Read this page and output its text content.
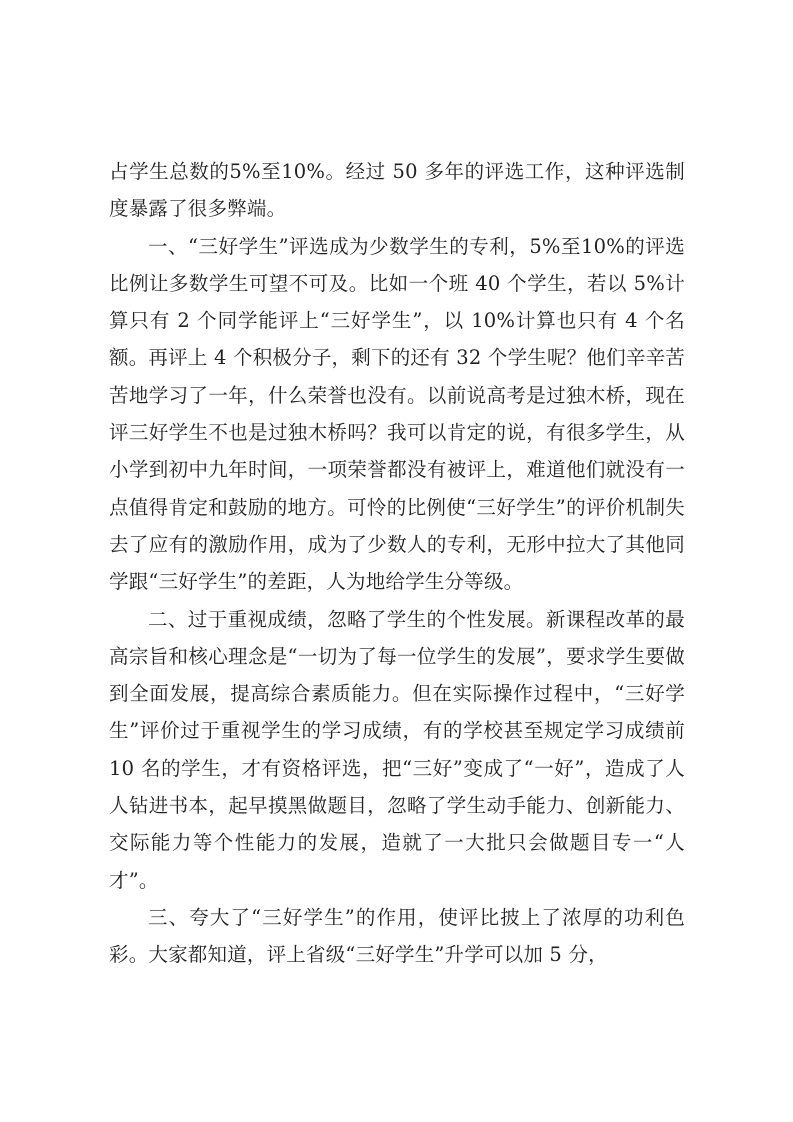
占学生总数的5%至10%。经过 50 多年的评选工作，这种评选制度暴露了很多弊端。

一、“三好学生”评选成为少数学生的专利，5%至10%的评选比例让多数学生可望不可及。比如一个班 40 个学生，若以 5%计算只有 2 个同学能评上“三好学生”，以 10%计算也只有 4 个名额。再评上 4 个积极分子，剩下的还有 32 个学生呢？他们辛辛苦苦地学习了一年，什么荣誉也没有。以前说高考是过独木桥，现在评三好学生不也是过独木桥吗？我可以肯定的说，有很多学生，从小学到初中九年时间，一项荣誉都没有被评上，难道他们就没有一点值得肯定和鼓励的地方。可怜的比例使“三好学生”的评价机制失去了应有的激励作用，成为了少数人的专利，无形中拉大了其他同学跟“三好学生”的差距，人为地给学生分等级。

二、过于重视成绩，忽略了学生的个性发展。新课程改革的最高宗旨和核心理念是“一切为了每一位学生的发展”，要求学生要做到全面发展，提高综合素质能力。但在实际操作过程中，“三好学生”评价过于重视学生的学习成绩，有的学校甚至规定学习成绩前 10 名的学生，才有资格评选，把“三好”变成了“一好”，造成了人人钻进书本，起早摸黑做题目，忽略了学生动手能力、创新能力、交际能力等个性能力的发展，造就了一大批只会做题目专一“人才”。

三、夸大了“三好学生”的作用，使评比披上了浓厚的功利色彩。大家都知道，评上省级“三好学生”升学可以加 5 分，
